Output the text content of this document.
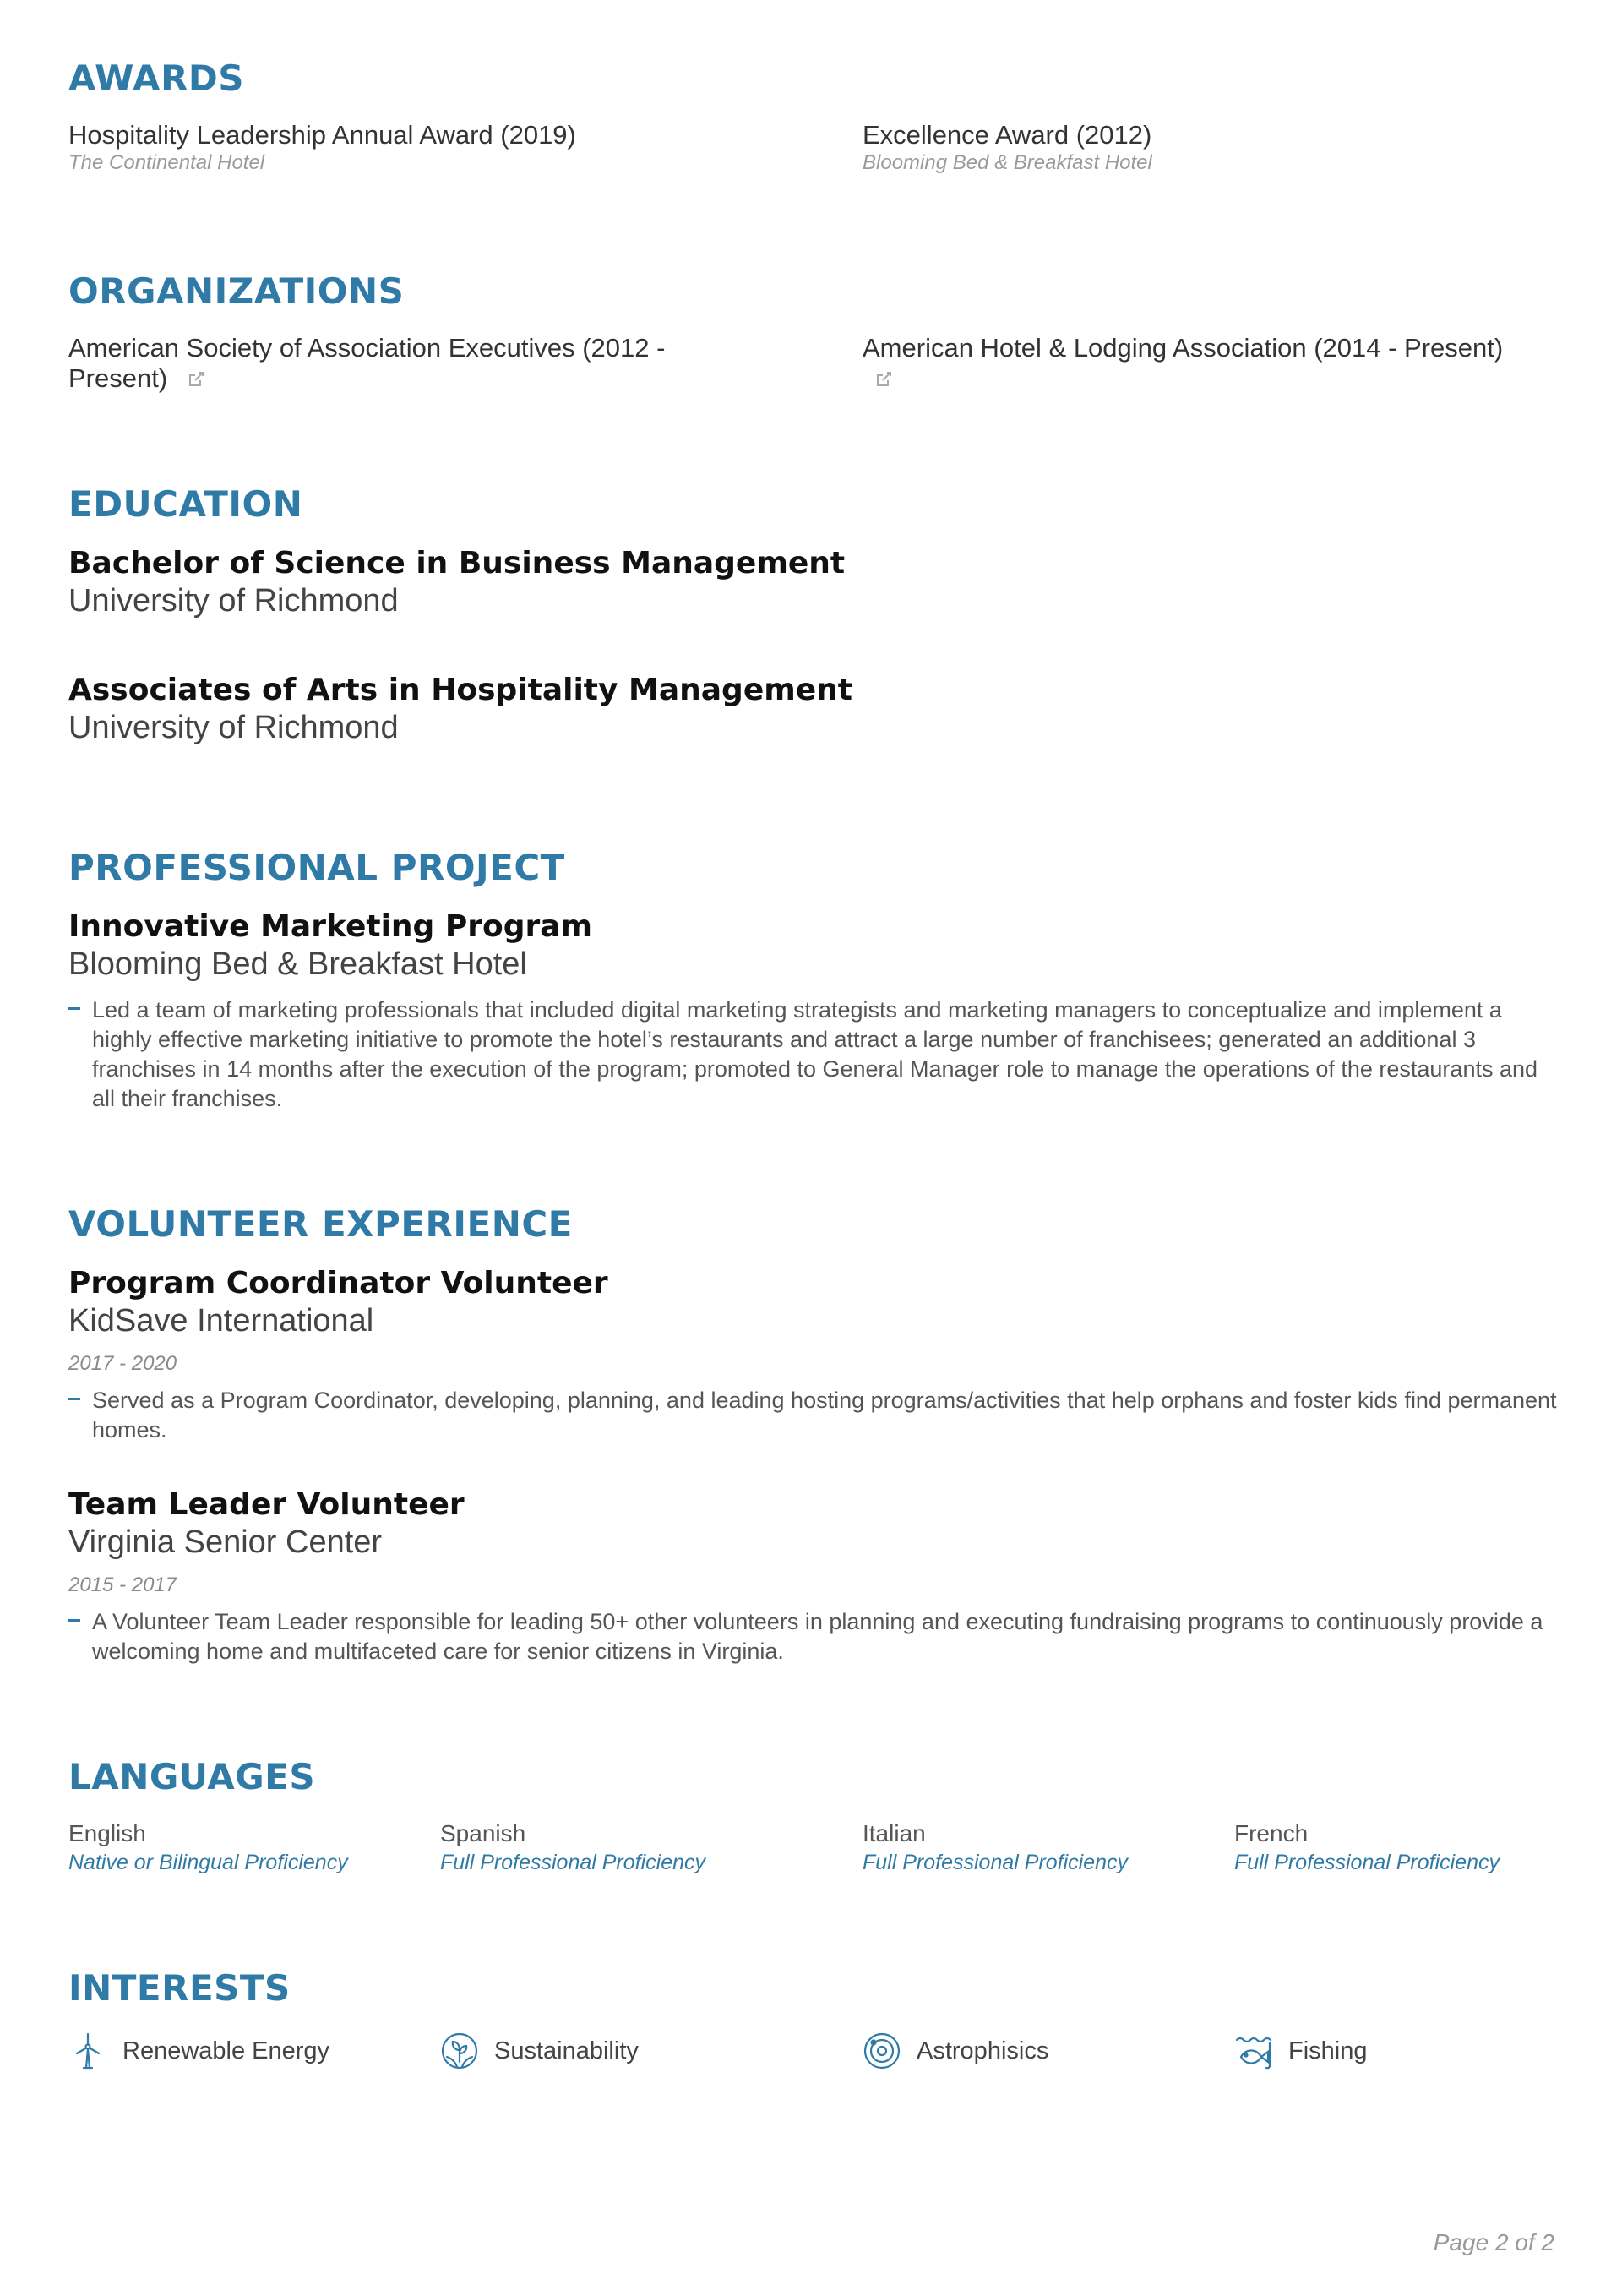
AWARDS
Hospitality Leadership Annual Award (2019)
The Continental Hotel
Excellence Award (2012)
Blooming Bed & Breakfast Hotel
ORGANIZATIONS
American Society of Association Executives (2012 -
Present)
American Hotel & Lodging Association (2014 - Present)
EDUCATION
Bachelor of Science in Business Management
University of Richmond
Associates of Arts in Hospitality Management
University of Richmond
PROFESSIONAL PROJECT
Innovative Marketing Program
Blooming Bed & Breakfast Hotel
Led a team of marketing professionals that included digital marketing strategists and marketing managers to conceptualize and implement a highly effective marketing initiative to promote the hotel’s restaurants and attract a large number of franchisees; generated an additional 3 franchises in 14 months after the execution of the program; promoted to General Manager role to manage the operations of the restaurants and all their franchises.
VOLUNTEER EXPERIENCE
Program Coordinator Volunteer
KidSave International
2017 - 2020
Served as a Program Coordinator, developing, planning, and leading hosting programs/activities that help orphans and foster kids find permanent homes.
Team Leader Volunteer
Virginia Senior Center
2015 - 2017
A Volunteer Team Leader responsible for leading 50+ other volunteers in planning and executing fundraising programs to continuously provide a welcoming home and multifaceted care for senior citizens in Virginia.
LANGUAGES
English
Native or Bilingual Proficiency
Spanish
Full Professional Proficiency
Italian
Full Professional Proficiency
French
Full Professional Proficiency
INTERESTS
Renewable Energy	Sustainability	Astrophisics	Fishing
Page 2 of 2
